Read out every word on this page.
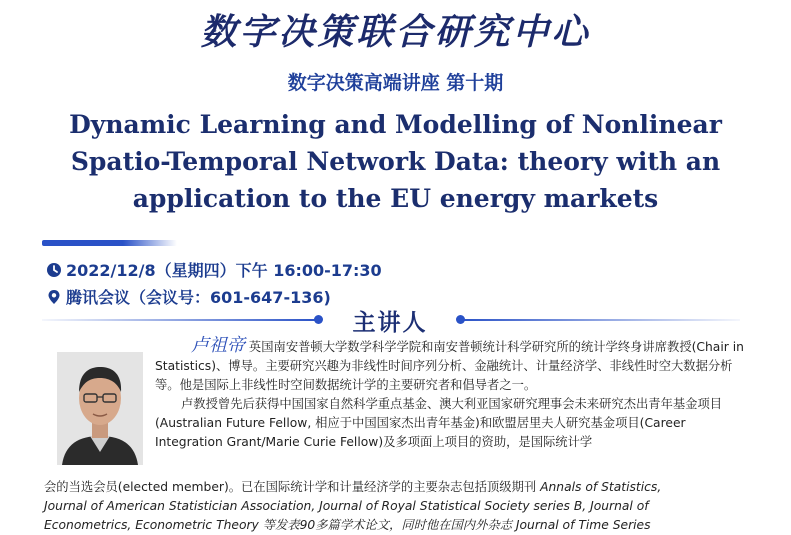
数字决策联合研究中心
数字决策高端讲座 第十期
Dynamic Learning and Modelling of Nonlinear Spatio-Temporal Network Data: theory with an application to the EU energy markets
2022/12/8（星期四）下午 16:00-17:30
腾讯会议（会议号：601-647-136)
主讲人

卢祖帝 英国南安普顿大学数学科学学院和南安普顿统计科学研究所的统计学终身讲席教授(Chair in Statistics)、博导。主要研究兴趣为非线性时间序列分析、金融统计、计量经济学、非线性时空大数据分析等。他是国际上非线性时空间数据统计学的主要研究者和倡导者之一。

卢教授曾先后获得中国国家自然科学重点基金、澳大利亚国家研究理事会未来研究杰出青年基金项目(Australian Future Fellow, 相应于中国国家杰出青年基金)和欧盟居里夫人研究基金项目(Career Integration Grant/Marie Curie Fellow)及多项面上项目的资助，是国际统计学

会的当选会员(elected member)。已在国际统计学和计量经济学的主要杂志包括顶级期刊 Annals of Statistics,
Journal of American Statistician Association, Journal of Royal Statistical Society series B, Journal of
Econometrics, Econometric Theory 等发表90多篇学术论文，同时他在国内外杂志 Journal of Time Series
